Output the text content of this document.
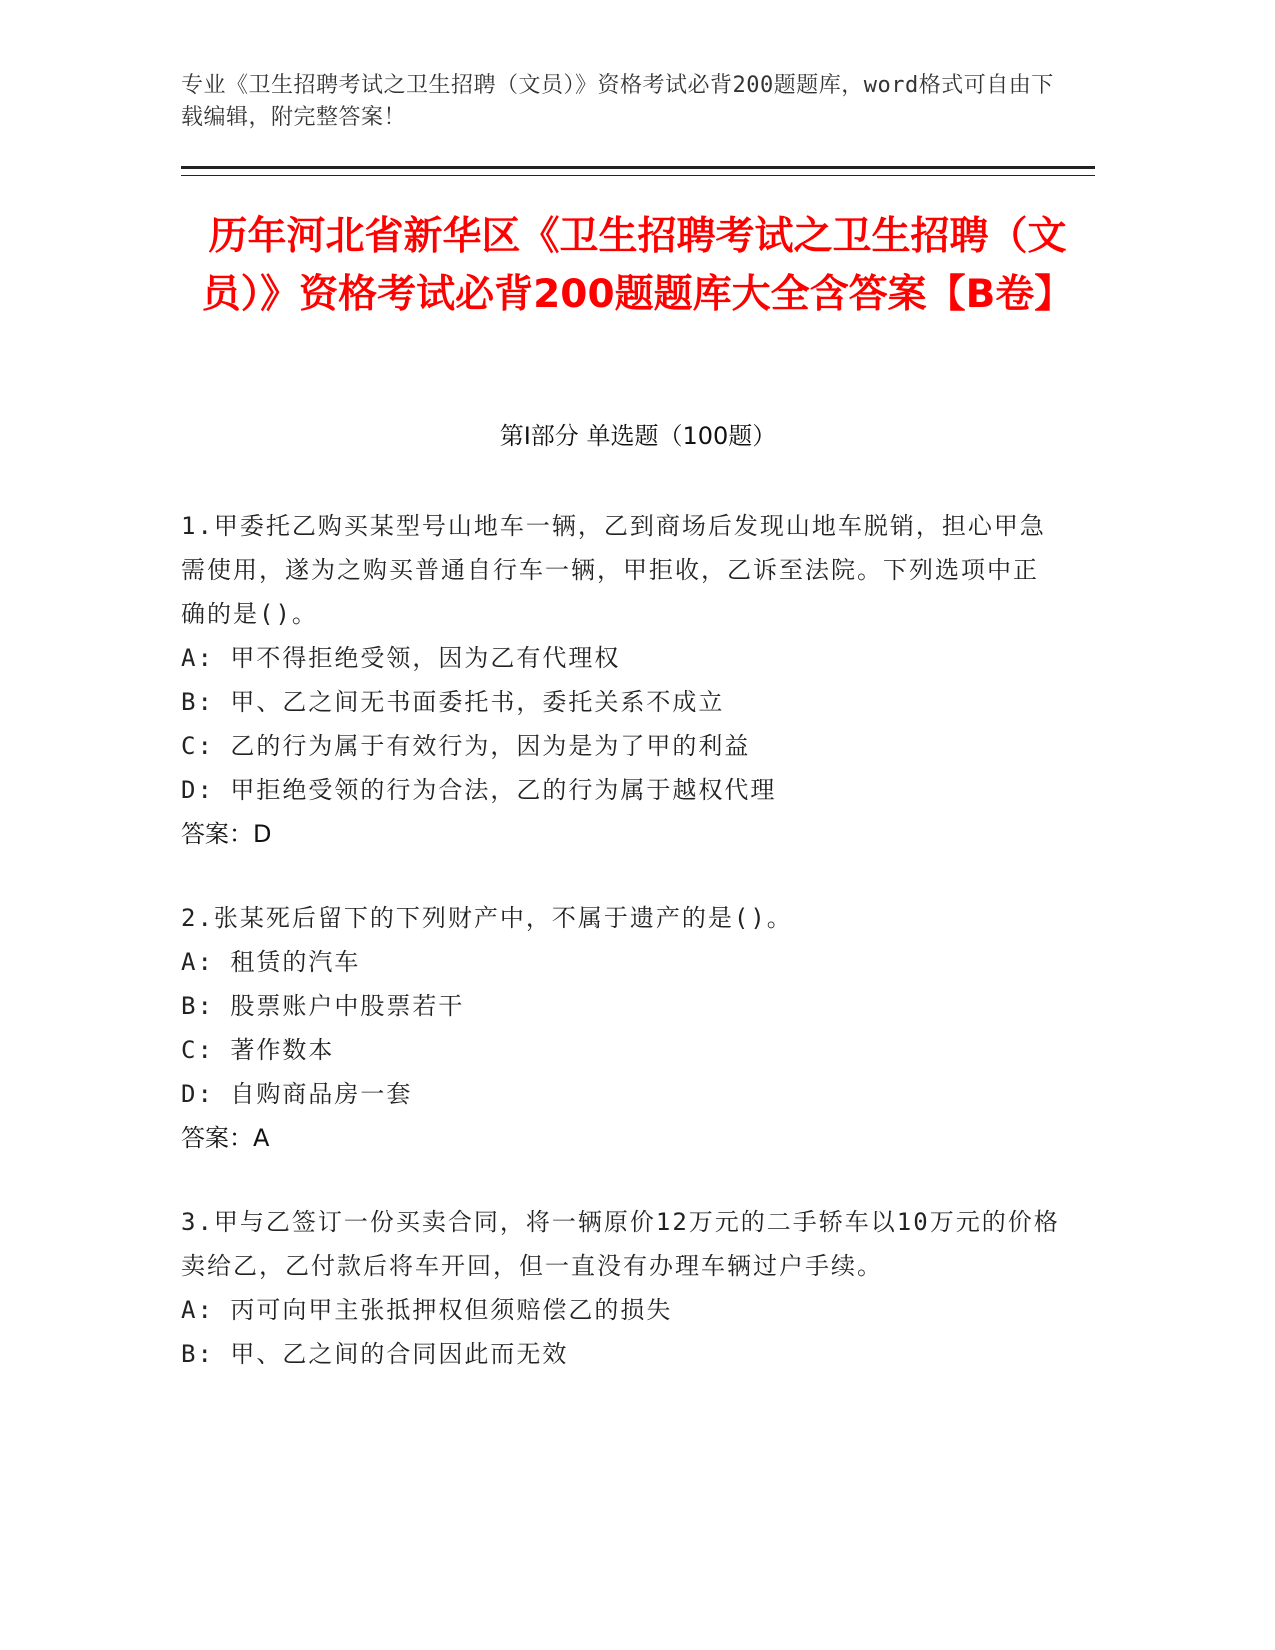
专业《卫生招聘考试之卫生招聘（文员）》资格考试必背200题题库，word格式可自由下载编辑，附完整答案！
历年河北省新华区《卫生招聘考试之卫生招聘（文员）》资格考试必背200题题库大全含答案【B卷】
第Ⅰ部分 单选题（100题）
1.甲委托乙购买某型号山地车一辆，乙到商场后发现山地车脱销，担心甲急需使用，遂为之购买普通自行车一辆，甲拒收，乙诉至法院。下列选项中正确的是()。
A: 甲不得拒绝受领，因为乙有代理权
B: 甲、乙之间无书面委托书，委托关系不成立
C: 乙的行为属于有效行为，因为是为了甲的利益
D: 甲拒绝受领的行为合法，乙的行为属于越权代理
答案：D
2.张某死后留下的下列财产中，不属于遗产的是()。
A: 租赁的汽车
B: 股票账户中股票若干
C: 著作数本
D: 自购商品房一套
答案：A
3.甲与乙签订一份买卖合同，将一辆原价12万元的二手轿车以10万元的价格卖给乙，乙付款后将车开回，但一直没有办理车辆过户手续。
A: 丙可向甲主张抵押权但须赔偿乙的损失
B: 甲、乙之间的合同因此而无效
